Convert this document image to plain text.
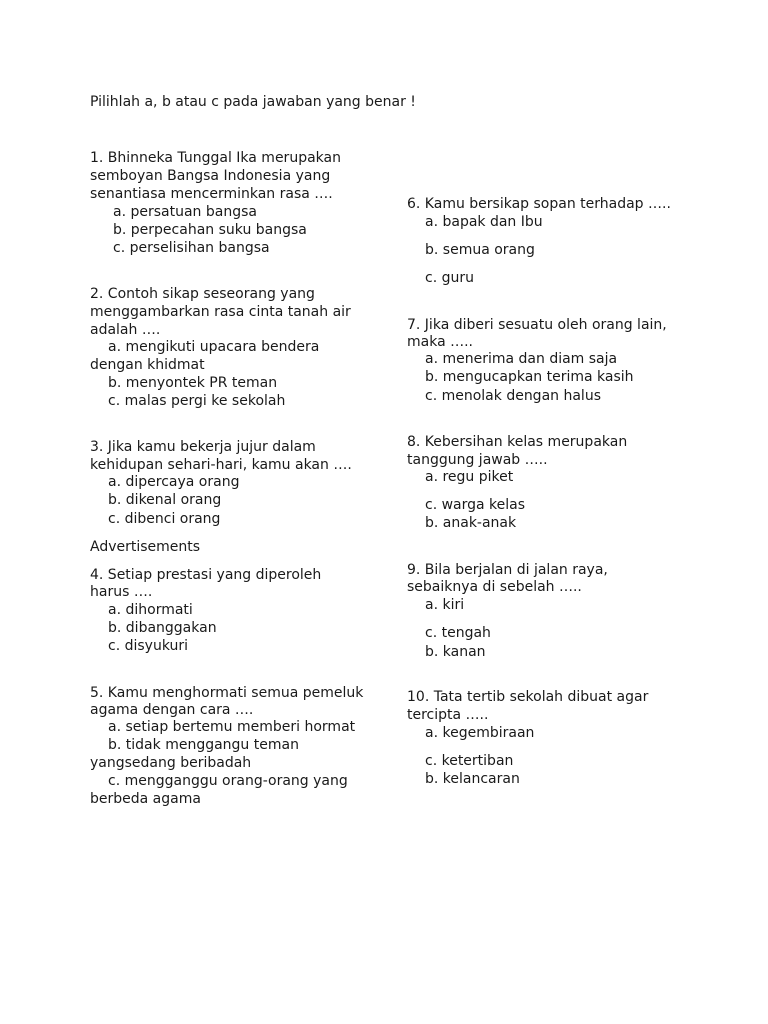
Pilihlah a, b atau c pada jawaban yang benar !
1. Bhinneka Tunggal Ika merupakan
semboyan Bangsa Indonesia yang
senantiasa mencerminkan rasa ….
a. persatuan bangsa
b. perpecahan suku bangsa
c. perselisihan bangsa
2. Contoh sikap seseorang yang
menggambarkan rasa cinta tanah air
adalah ….
a. mengikuti upacara bendera
dengan khidmat
b. menyontek PR teman
c. malas pergi ke sekolah
3. Jika kamu bekerja jujur dalam
kehidupan sehari-hari, kamu akan ….
a. dipercaya orang
b. dikenal orang
c. dibenci orang
Advertisements
4. Setiap prestasi yang diperoleh
harus ….
a. dihormati
b. dibanggakan
c. disyukuri
5. Kamu menghormati semua pemeluk
agama dengan cara ….
a. setiap bertemu memberi hormat
b. tidak menggangu teman
yangsedang beribadah
c. mengganggu orang-orang yang
berbeda agama
6. Kamu bersikap sopan terhadap …..
a. bapak dan Ibu
b. semua orang
c. guru
7. Jika diberi sesuatu oleh orang lain,
maka …..
a. menerima dan diam saja
b. mengucapkan terima kasih
c. menolak dengan halus
8. Kebersihan kelas merupakan
tanggung jawab …..
a. regu piket
c. warga kelas
b. anak-anak
9. Bila berjalan di jalan raya,
sebaiknya di sebelah …..
a. kiri
c. tengah
b. kanan
10. Tata tertib sekolah dibuat agar
tercipta …..
a. kegembiraan
c. ketertiban
b. kelancaran
